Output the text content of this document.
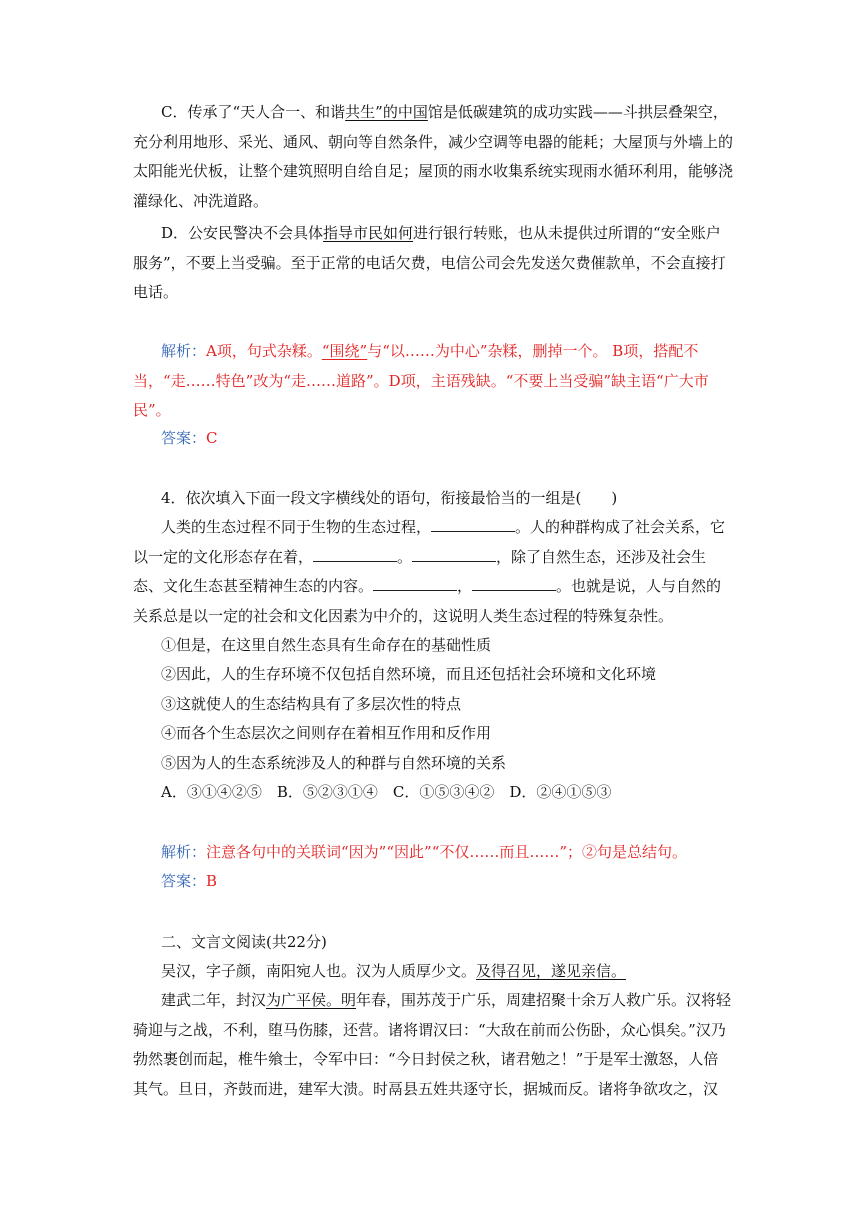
C．传承了“天人合一、和谐共生”的中国馆是低碳建筑的成功实践——斗拱层叠架空，充分利用地形、采光、通风、朝向等自然条件，减少空调等电器的能耗；大屋顶与外墙上的太阳能光伏板，让整个建筑照明自给自足；屋顶的雨水收集系统实现雨水循环利用，能够浇灌绿化、冲洗道路。

D．公安民警决不会具体指导市民如何进行银行转账，也从未提供过所谓的“安全账户服务”，不要上当受骗。至于正常的电话欠费，电信公司会先发送欠费催款单，不会直接打电话。

解析：A项，句式杂糅。“围绕”与“以……为中心”杂糅，删掉一个。 B项，搭配不当，“走……特色”改为“走……道路”。D项，主语残缺。“不要上当受骗”缺主语“广大市民”。

答案：C

4．依次填入下面一段文字横线处的语句，衔接最恰当的一组是(　　)

人类的生态过程不同于生物的生态过程，	。人的种群构成了社会关系，它以一定的文化形态存在着，	。	，除了自然生态，还涉及社会生态、文化生态甚至精神生态的内容。	，	。也就是说，人与自然的关系总是以一定的社会和文化因素为中介的，这说明人类生态过程的特殊复杂性。

①但是，在这里自然生态具有生命存在的基础性质

②因此，人的生存环境不仅包括自然环境，而且还包括社会环境和文化环境

③这就使人的生态结构具有了多层次性的特点

④而各个生态层次之间则存在着相互作用和反作用

⑤因为人的生态系统涉及人的种群与自然环境的关系

A．③①④②⑤　B．⑤②③①④　C．①⑤③④②　D．②④①⑤③

解析：注意各句中的关联词“因为”“因此”“不仅……而且……”；②句是总结句。

答案：B

二、文言文阅读(共22分)

吴汉，字子颜，南阳宛人也。汉为人质厚少文。及得召见，遂见亲信。

建武二年，封汉为广平侯。明年春，围苏茂于广乐，周建招聚十余万人救广乐。汉将轻骑迎与之战，不利，堕马伤膝，还营。诸将谓汉曰：“大敌在前而公伤卧，众心惧矣。”汉乃勃然裹创而起，椎牛飨士，令军中曰：“今日封侯之秋，诸君勉之！”于是军士激怒，人倍其气。旦日，齐鼓而进，建军大溃。时鬲县五姓共逐守长，据城而反。诸将争欲攻之，汉
